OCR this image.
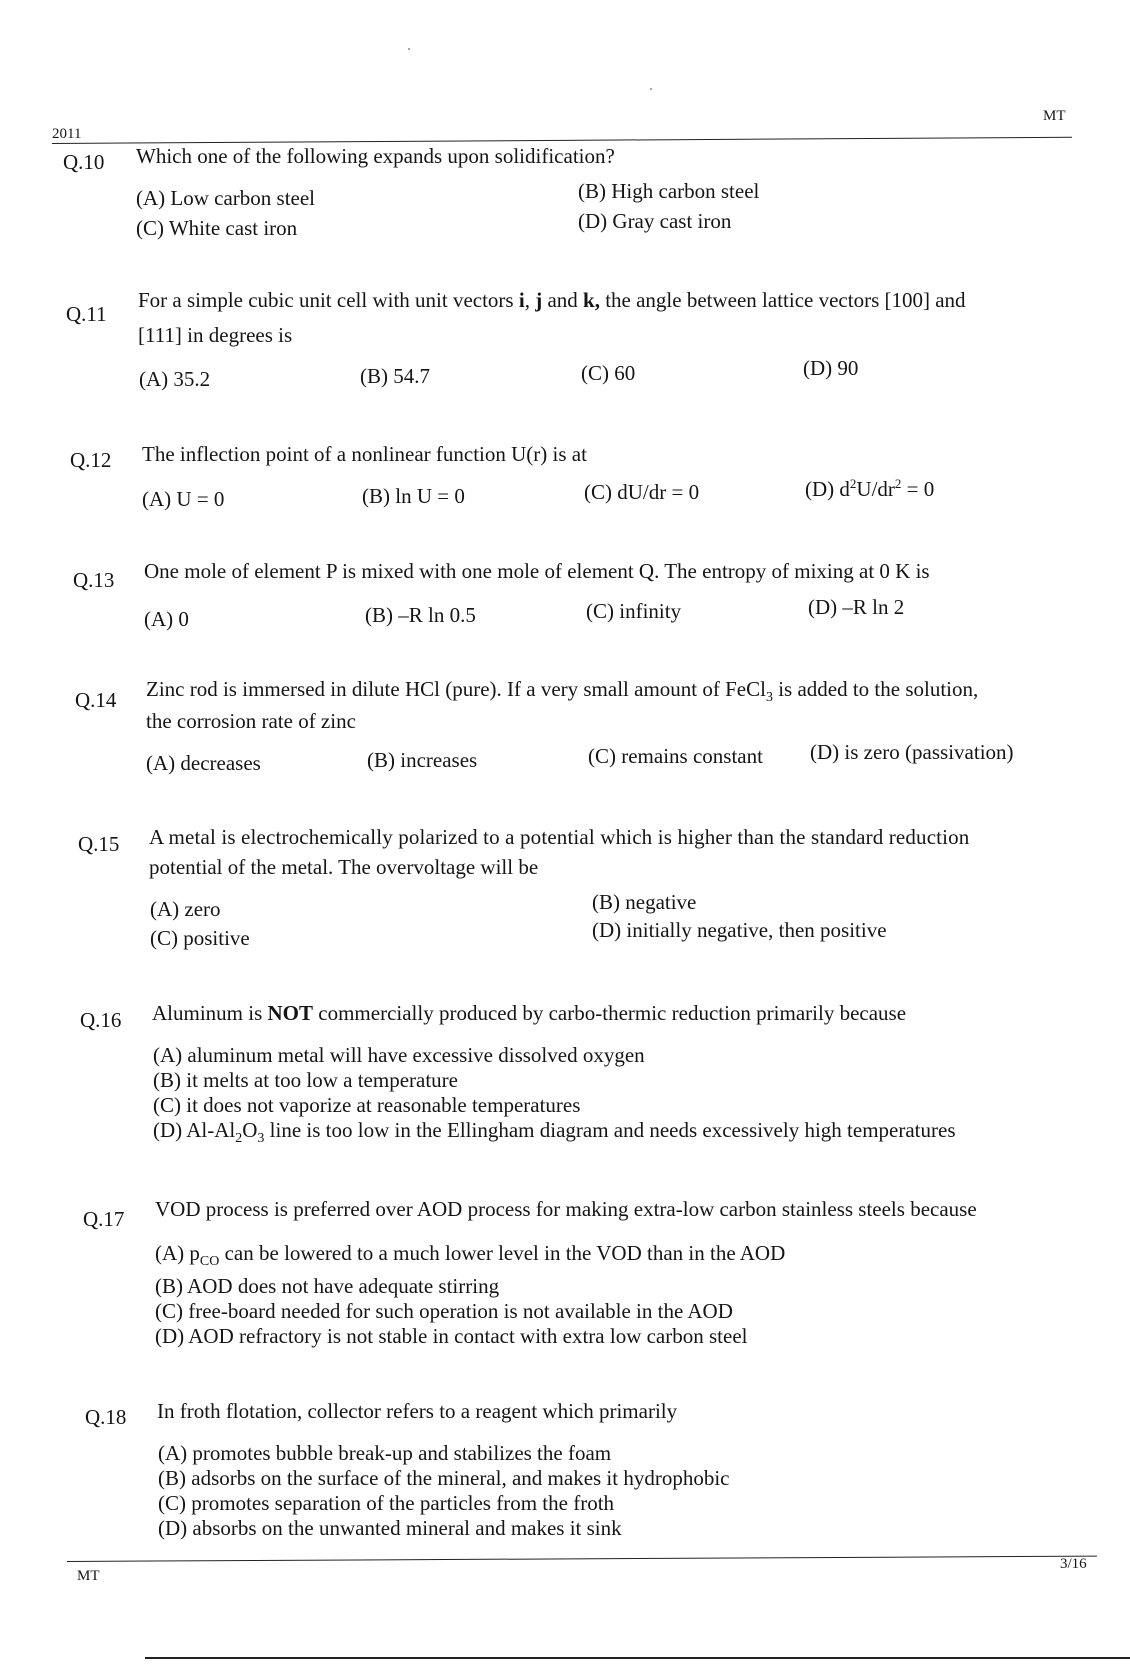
2011
MT
Q.10 Which one of the following expands upon solidification?
(A) Low carbon steel	(B) High carbon steel
(C) White cast iron	(D) Gray cast iron
Q.11
For a simple cubic unit cell with unit vectors i, j and k, the angle between lattice vectors [100] and
[111] in degrees is
(A) 35.2	(B) 54.7	(C) 60	(D) 90
Q.12 The inflection point of a nonlinear function U(r) is at
(A) U = 0	(B) ln U = 0	(C) dU/dr = 0	(D) $d^2U/dr^2 = 0$
Q.13 One mole of element P is mixed with one mole of element Q. The entropy of mixing at 0 K is
(A) 0	(B) –R ln 0.5	(C) infinity	(D) –R ln 2
Q.14 Zinc rod is immersed in dilute HCl (pure). If a very small amount of FeCl$_3$ is added to the solution,
the corrosion rate of zinc
(A) decreases	(B) increases	(C) remains constant (D) is zero (passivation)
Q.15 A metal is electrochemically polarized to a potential which is higher than the standard reduction
potential of the metal. The overvoltage will be
(A) zero	(B) negative
(C) positive	(D) initially negative, then positive
Q.16 Aluminum is NOT commercially produced by carbo-thermic reduction primarily because
(A) aluminum metal will have excessive dissolved oxygen
(B) it melts at too low a temperature
(C) it does not vaporize at reasonable temperatures
(D) $Al-Al_2O_3$ line is too low in the Ellingham diagram and needs excessively high temperatures
Q.17 VOD process is preferred over AOD process for making extra-low carbon stainless steels because
(A) $p_{CO}$ can be lowered to a much lower level in the VOD than in the AOD
(B) AOD does not have adequate stirring
(C) free-board needed for such operation is not available in the AOD
(D) AOD refractory is not stable in contact with extra low carbon steel
Q.18 In froth flotation, collector refers to a reagent which primarily
(A) promotes bubble break-up and stabilizes the foam
(B) adsorbs on the surface of the mineral, and makes it hydrophobic
(C) promotes separation of the particles from the froth
(D) absorbs on the unwanted mineral and makes it sink
MT
3/16
